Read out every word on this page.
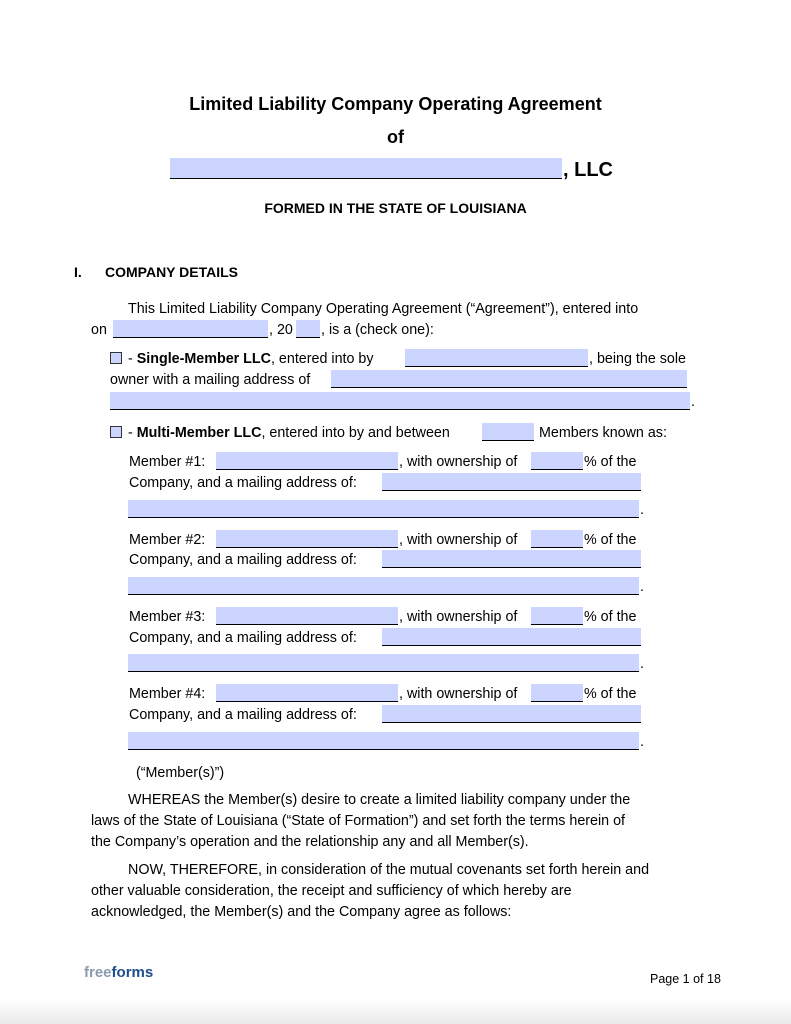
Limited Liability Company Operating Agreement
of
, LLC
FORMED IN THE STATE OF LOUISIANA
I. COMPANY DETAILS
This Limited Liability Company Operating Agreement (“Agreement”), entered into
on	, 20 , is a (check one):
- Single-Member LLC, entered into by	, being the sole
owner with a mailing address of
.
- Multi-Member LLC, entered into by and between	Members known as:
Member #1:	, with ownership of	% of the
Company, and a mailing address of:
.
Member #2:	, with ownership of	% of the
Company, and a mailing address of:
.
Member #3:	, with ownership of	% of the
Company, and a mailing address of:
.
Member #4:	, with ownership of	% of the
Company, and a mailing address of:
.
(“Member(s)”)
WHEREAS the Member(s) desire to create a limited liability company under the
laws of the State of Louisiana (“State of Formation”) and set forth the terms herein of
the Company’s operation and the relationship any and all Member(s).
NOW, THEREFORE, in consideration of the mutual covenants set forth herein and
other valuable consideration, the receipt and sufficiency of which hereby are
acknowledged, the Member(s) and the Company agree as follows:
freeforms	Page 1 of 18
